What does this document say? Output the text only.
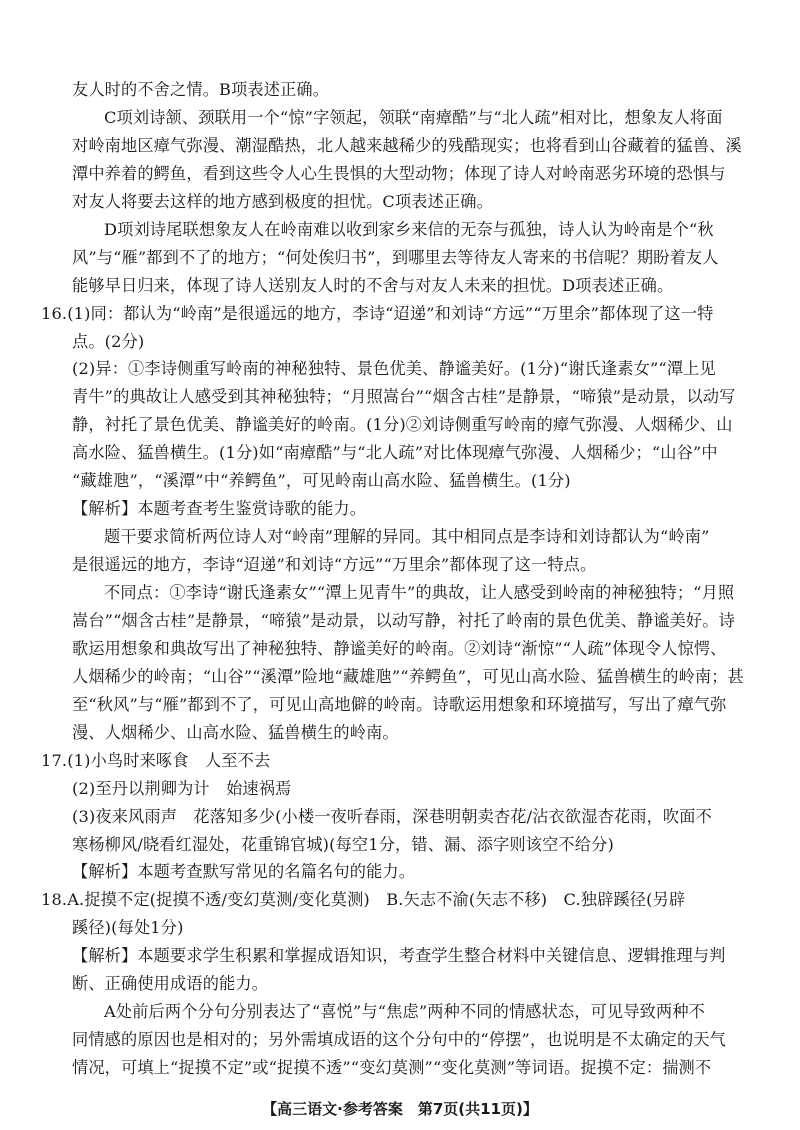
友人时的不舍之情。B项表述正确。
C项刘诗颔、颈联用一个“惊”字领起，领联“南瘴酷”与“北人疏”相对比，想象友人将面
对岭南地区瘴气弥漫、潮湿酷热，北人越来越稀少的残酷现实；也将看到山谷藏着的猛兽、溪
潭中养着的鳄鱼，看到这些令人心生畏惧的大型动物；体现了诗人对岭南恶劣环境的恐惧与
对友人将要去这样的地方感到极度的担忧。C项表述正确。
D项刘诗尾联想象友人在岭南难以收到家乡来信的无奈与孤独，诗人认为岭南是个“秋
风”与“雁”都到不了的地方；“何处俟归书”，到哪里去等待友人寄来的书信呢？期盼着友人
能够早日归来，体现了诗人送别友人时的不舍与对友人未来的担忧。D项表述正确。
16.(1)同：都认为“岭南”是很遥远的地方，李诗“迢递”和刘诗“方远”“万里余”都体现了这一特
点。(2分)
(2)异：①李诗侧重写岭南的神秘独特、景色优美、静谧美好。(1分)“谢氏逢素女”“潭上见
青牛”的典故让人感受到其神秘独特；“月照嵩台”“烟含古桂”是静景，“啼猿”是动景，以动写
静，衬托了景色优美、静谧美好的岭南。(1分)②刘诗侧重写岭南的瘴气弥漫、人烟稀少、山
高水险、猛兽横生。(1分)如“南瘴酷”与“北人疏”对比体现瘴气弥漫、人烟稀少；“山谷”中
“藏雄虺”，“溪潭”中“养鳄鱼”，可见岭南山高水险、猛兽横生。(1分)
【解析】本题考查考生鉴赏诗歌的能力。
题干要求简析两位诗人对“岭南”理解的异同。其中相同点是李诗和刘诗都认为“岭南”
是很遥远的地方，李诗“迢递”和刘诗“方远”“万里余”都体现了这一特点。
不同点：①李诗“谢氏逢素女”“潭上见青牛”的典故，让人感受到岭南的神秘独特；“月照
嵩台”“烟含古桂”是静景，“啼猿”是动景，以动写静，衬托了岭南的景色优美、静谧美好。诗
歌运用想象和典故写出了神秘独特、静谧美好的岭南。②刘诗“渐惊”“人疏”体现令人惊愕、
人烟稀少的岭南；“山谷”“溪潭”险地“藏雄虺”“养鳄鱼”，可见山高水险、猛兽横生的岭南；甚
至“秋风”与“雁”都到不了，可见山高地僻的岭南。诗歌运用想象和环境描写，写出了瘴气弥
漫、人烟稀少、山高水险、猛兽横生的岭南。
17.(1)小鸟时来啄食　人至不去
(2)至丹以荆卿为计　始速祸焉
(3)夜来风雨声　花落知多少(小楼一夜听春雨，深巷明朝卖杏花/沾衣欲湿杏花雨，吹面不
寒杨柳风/晓看红湿处，花重锦官城)(每空1分，错、漏、添字则该空不给分)
【解析】本题考查默写常见的名篇名句的能力。
18.A.捉摸不定(捉摸不透/变幻莫测/变化莫测)　B.矢志不渝(矢志不移)　C.独辟蹊径(另辟
蹊径)(每处1分)
【解析】本题要求学生积累和掌握成语知识，考查学生整合材料中关键信息、逻辑推理与判
断、正确使用成语的能力。
A处前后两个分句分别表达了“喜悦”与“焦虑”两种不同的情感状态，可见导致两种不
同情感的原因也是相对的；另外需填成语的这个分句中的“停摆”，也说明是不太确定的天气
情况，可填上“捉摸不定”或“捉摸不透”“变幻莫测”“变化莫测”等词语。捉摸不定：揣测不
【高三语文·参考答案　第7页(共11页)】
